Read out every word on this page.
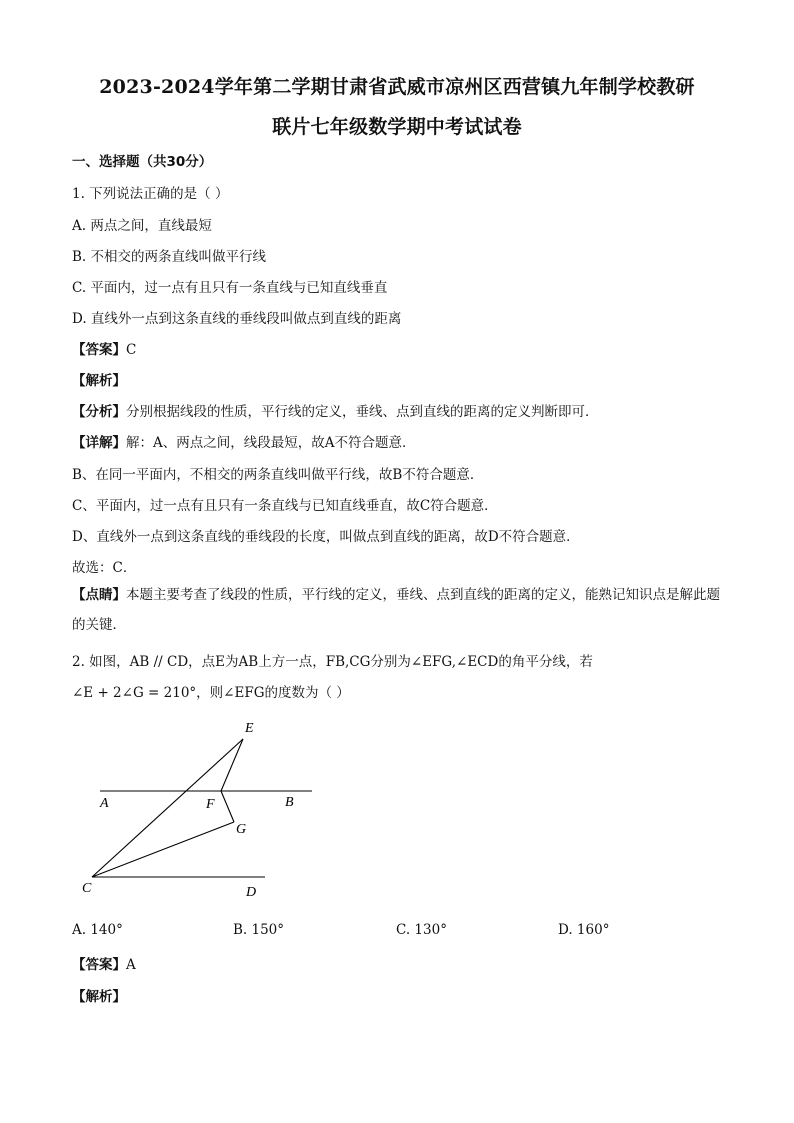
2023-2024学年第二学期甘肃省武威市凉州区西营镇九年制学校教研
联片七年级数学期中考试试卷
一、选择题（共30分）
1. 下列说法正确的是（ ）
A. 两点之间，直线最短
B. 不相交的两条直线叫做平行线
C. 平面内，过一点有且只有一条直线与已知直线垂直
D. 直线外一点到这条直线的垂线段叫做点到直线的距离
【答案】C
【解析】
【分析】分别根据线段的性质，平行线的定义，垂线、点到直线的距离的定义判断即可．
【详解】解：A、两点之间，线段最短，故A不符合题意．
B、在同一平面内，不相交的两条直线叫做平行线，故B不符合题意．
C、平面内，过一点有且只有一条直线与已知直线垂直，故C符合题意．
D、直线外一点到这条直线的垂线段的长度，叫做点到直线的距离，故D不符合题意．
故选：C．
【点睛】本题主要考查了线段的性质，平行线的定义，垂线、点到直线的距离的定义，能熟记知识点是解此题的关键．
2. 如图，AB // CD，点E为AB上方一点，FB,CG分别为∠EFG,∠ECD的角平分线，若
∠E + 2∠G = 210°，则∠EFG的度数为（ ）
E
A	F	B
G
C	D
A. 140°	B. 150°	C. 130°	D. 160°
【答案】A
【解析】
